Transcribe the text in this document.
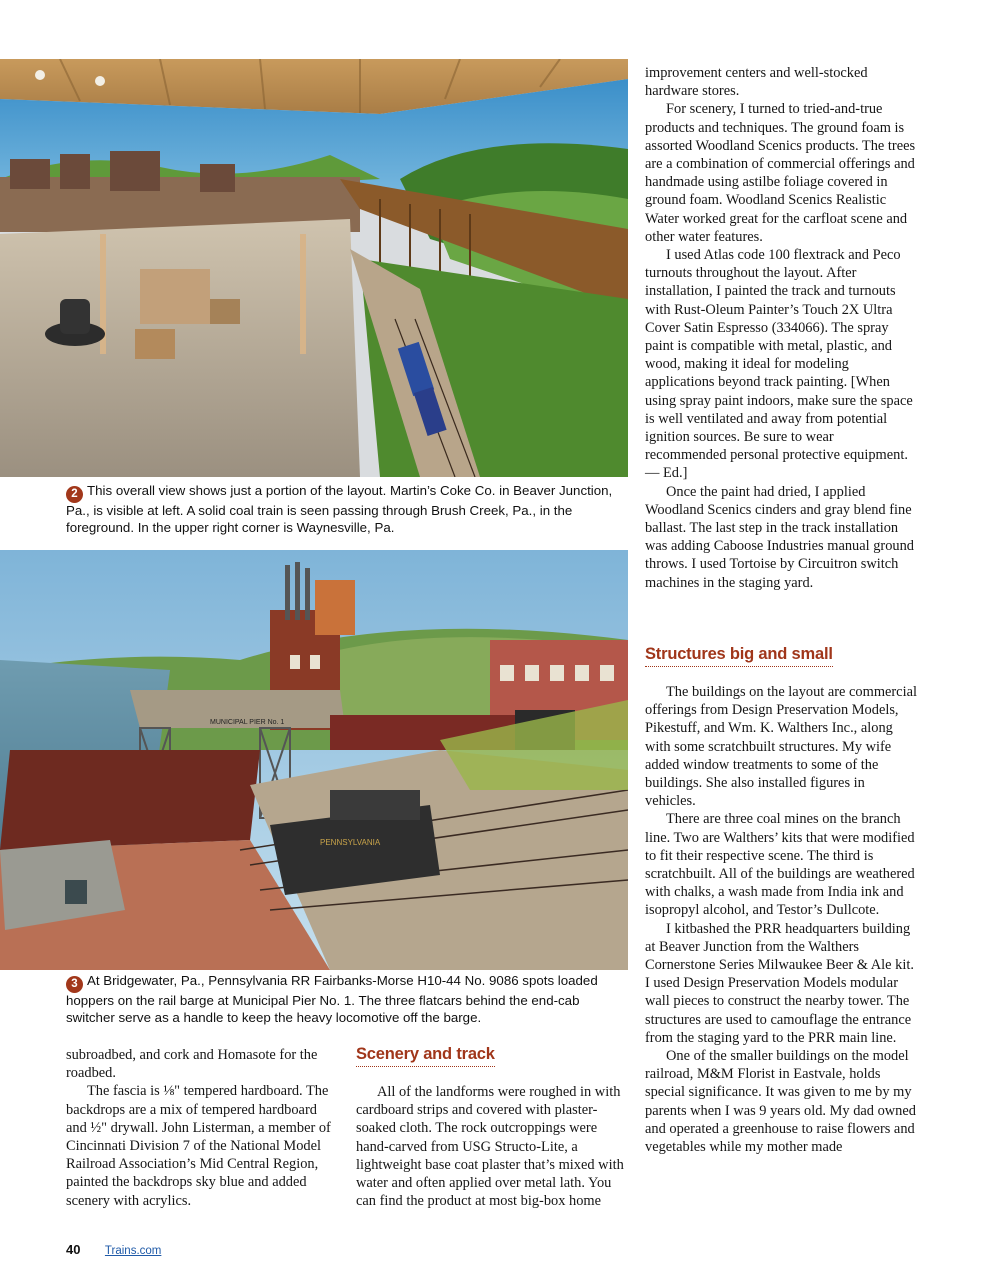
2 This overall view shows just a portion of the layout. Martin’s Coke Co. in Beaver Junction, Pa., is visible at left. A solid coal train is seen passing through Brush Creek, Pa., in the foreground. In the upper right corner is Waynesville, Pa.
MUNICIPAL PIER No. 1
PENNSYLVANIA
3 At Bridgewater, Pa., Pennsylvania RR Fairbanks-Morse H10-44 No. 9086 spots loaded hoppers on the rail barge at Municipal Pier No. 1. The three flatcars behind the end-cab switcher serve as a handle to keep the heavy locomotive off the barge.

improvement centers and well-stocked hardware stores.

For scenery, I turned to tried-and-true products and techniques. The ground foam is assorted Woodland Scenics products. The trees are a combination of commercial offerings and handmade using astilbe foliage covered in ground foam. Woodland Scenics Realistic Water worked great for the carfloat scene and other water features.

I used Atlas code 100 flextrack and Peco turnouts throughout the layout. After installation, I painted the track and turnouts with Rust-Oleum Painter’s Touch 2X Ultra Cover Satin Espresso (334066). The spray paint is compatible with metal, plastic, and wood, making it ideal for modeling applications beyond track painting. [When using spray paint indoors, make sure the space is well ventilated and away from potential ignition sources. Be sure to wear recommended personal protective equipment. — Ed.]

Once the paint had dried, I applied Woodland Scenics cinders and gray blend fine ballast. The last step in the track installation was adding Caboose Industries manual ground throws. I used Tortoise by Circuitron switch machines in the staging yard.

Structures big and small

The buildings on the layout are commercial offerings from Design Preservation Models, Pikestuff, and Wm. K. Walthers Inc., along with some scratchbuilt structures. My wife added window treatments to some of the buildings. She also installed figures in vehicles.

There are three coal mines on the branch line. Two are Walthers’ kits that were modified to fit their respective scene. The third is scratchbuilt. All of the buildings are weathered with chalks, a wash made from India ink and isopropyl alcohol, and Testor’s Dullcote.

I kitbashed the PRR headquarters building at Beaver Junction from the Walthers Cornerstone Series Milwaukee Beer & Ale kit. I used Design Preservation Models modular wall pieces to construct the nearby tower. The structures are used to camouflage the entrance from the staging yard to the PRR main line.

One of the smaller buildings on the model railroad, M&M Florist in Eastvale, holds special significance. It was given to me by my parents when I was 9 years old. My dad owned and operated a greenhouse to raise flowers and vegetables while my mother made

subroadbed, and cork and Homasote for the roadbed.

The fascia is ⅛" tempered hardboard. The backdrops are a mix of tempered hardboard and ½" drywall. John Listerman, a member of Cincinnati Division 7 of the National Model Railroad Association’s Mid Central Region, painted the backdrops sky blue and added scenery with acrylics.

Scenery and track

All of the landforms were roughed in with cardboard strips and covered with plaster-soaked cloth. The rock outcroppings were hand-carved from USG Structo-Lite, a lightweight base coat plaster that’s mixed with water and often applied over metal lath. You can find the product at most big-box home

40 Trains.com
